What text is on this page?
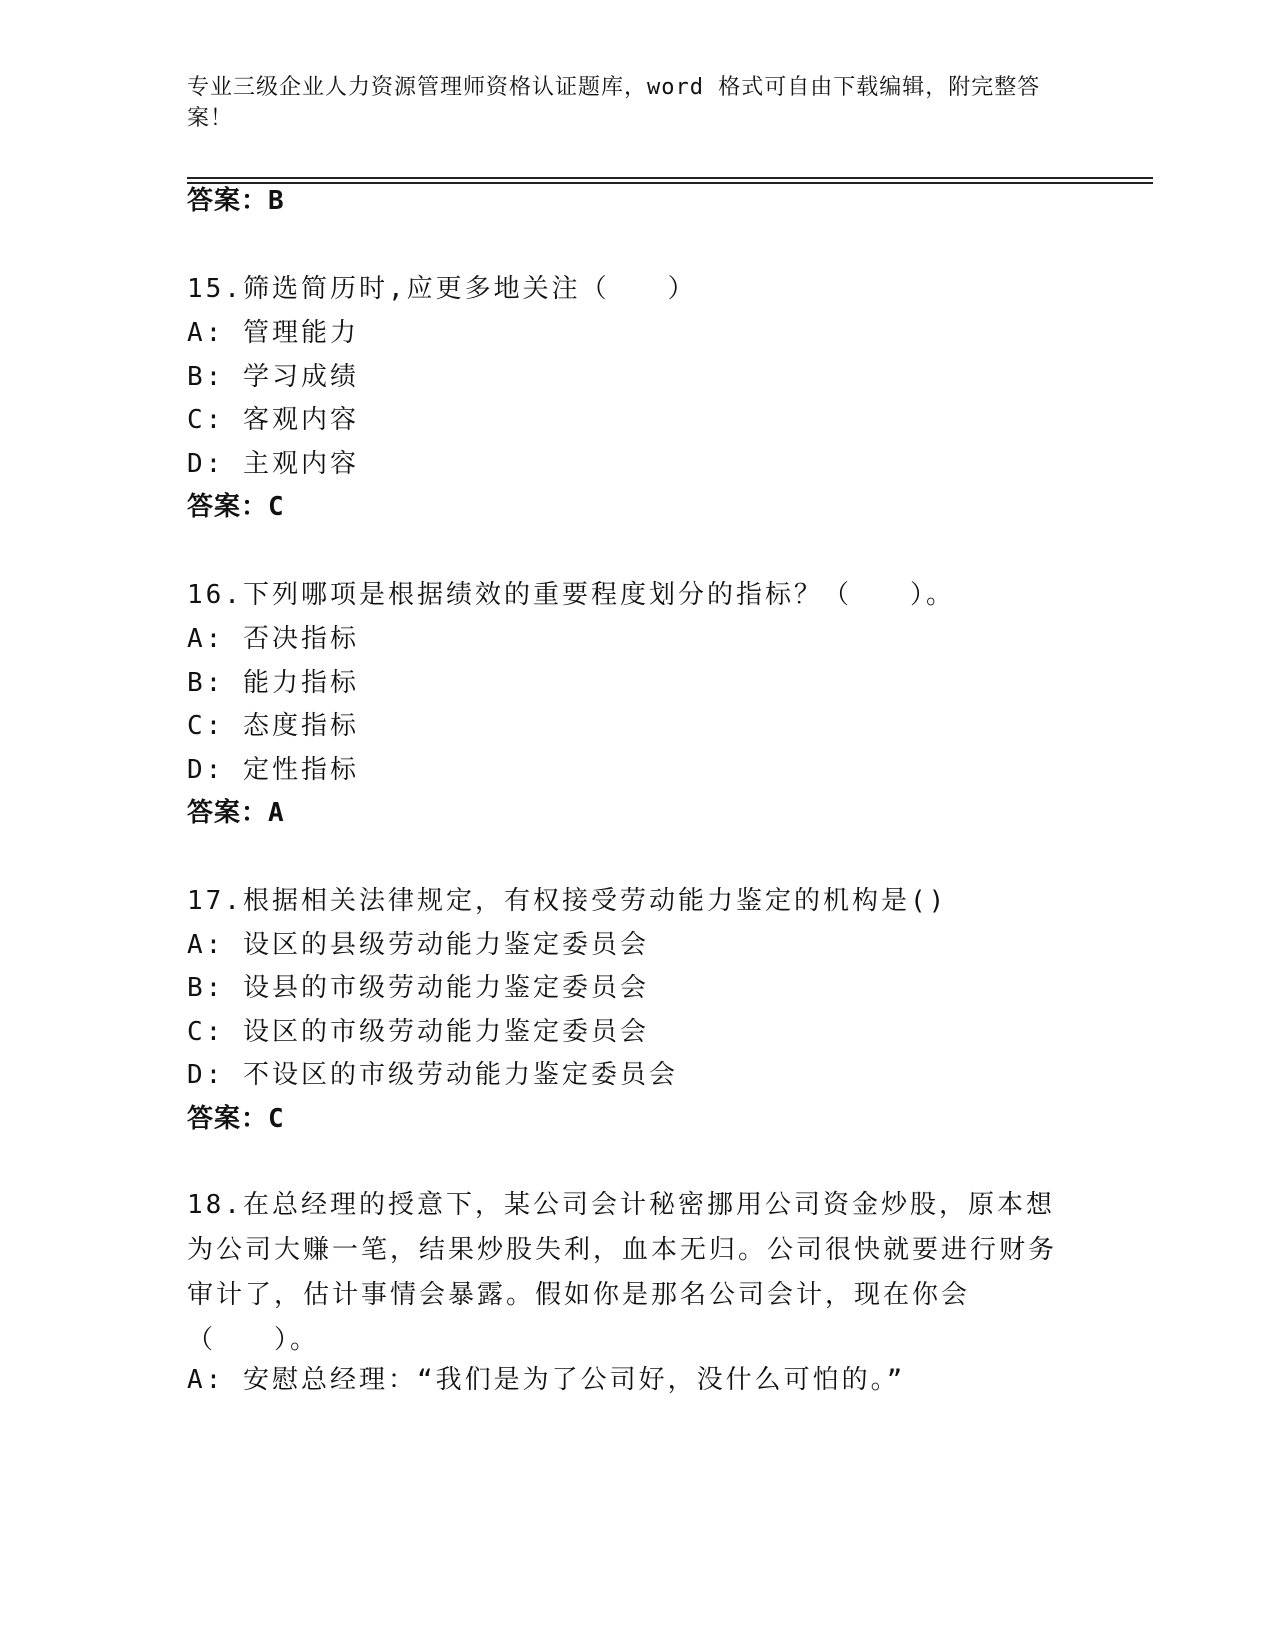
专业三级企业人力资源管理师资格认证题库，word 格式可自由下载编辑，附完整答案！
答案：B
15.筛选简历时,应更多地关注（　　）
A: 管理能力
B: 学习成绩
C: 客观内容
D: 主观内容
答案：C
16.下列哪项是根据绩效的重要程度划分的指标？（　　）。
A: 否决指标
B: 能力指标
C: 态度指标
D: 定性指标
答案：A
17.根据相关法律规定，有权接受劳动能力鉴定的机构是()
A: 设区的县级劳动能力鉴定委员会
B: 设县的市级劳动能力鉴定委员会
C: 设区的市级劳动能力鉴定委员会
D: 不设区的市级劳动能力鉴定委员会
答案：C
18.在总经理的授意下，某公司会计秘密挪用公司资金炒股，原本想为公司大赚一笔，结果炒股失利，血本无归。公司很快就要进行财务审计了，估计事情会暴露。假如你是那名公司会计，现在你会（　　）。
A: 安慰总经理：“我们是为了公司好，没什么可怕的。”
